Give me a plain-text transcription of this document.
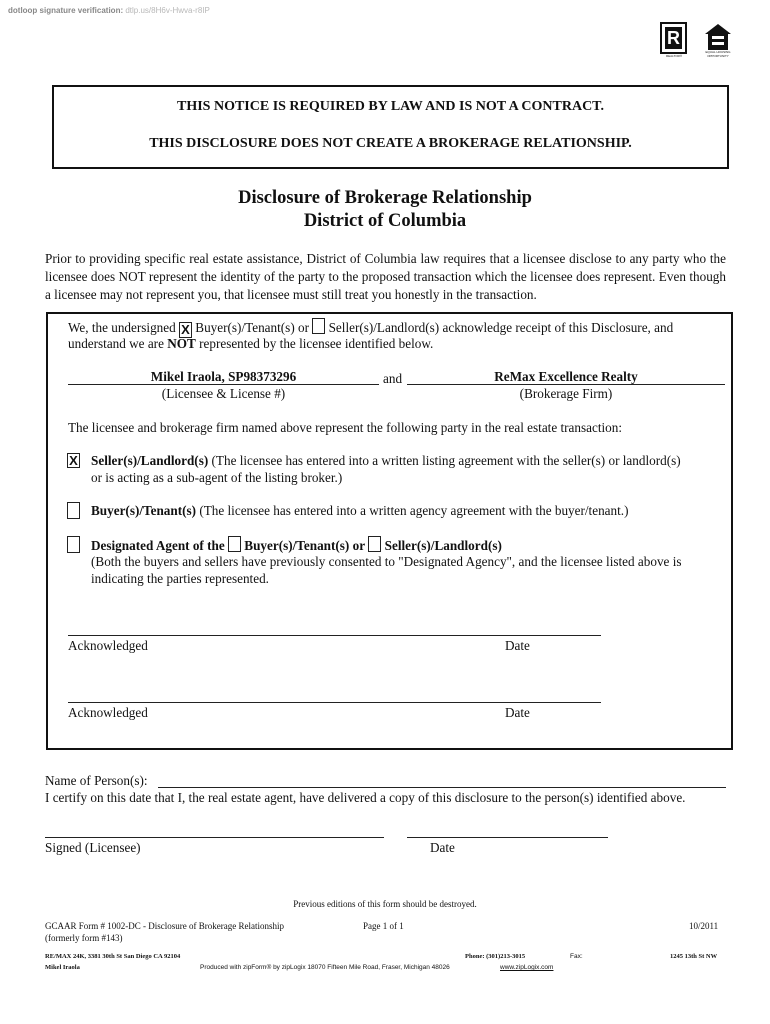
dotloop signature verification: dtlp.us/8H6v-Hwva-r8IP
R
REALTOR®
EQUAL HOUSING OPPORTUNITY
THIS NOTICE IS REQUIRED BY LAW AND IS NOT A CONTRACT.
THIS DISCLOSURE DOES NOT CREATE A BROKERAGE RELATIONSHIP.
Disclosure of Brokerage Relationship
District of Columbia
Prior to providing specific real estate assistance, District of Columbia law requires that a licensee disclose to any party who the licensee does NOT represent the identity of the party to the proposed transaction which the licensee does represent. Even though a licensee may not represent you, that licensee must still treat you honestly in the transaction.
We, the undersigned X Buyer(s)/Tenant(s) or Seller(s)/Landlord(s) acknowledge receipt of this Disclosure, and
understand we are NOT represented by the licensee identified below.
Mikel Iraola, SP98373296	and	ReMax Excellence Realty
(Licensee & License #)	(Brokerage Firm)
The licensee and brokerage firm named above represent the following party in the real estate transaction:
X Seller(s)/Landlord(s) (The licensee has entered into a written listing agreement with the seller(s) or landlord(s)
or is acting as a sub-agent of the listing broker.)
Buyer(s)/Tenant(s) (The licensee has entered into a written agency agreement with the buyer/tenant.)
Designated Agent of the Buyer(s)/Tenant(s) or Seller(s)/Landlord(s)
(Both the buyers and sellers have previously consented to "Designated Agency", and the licensee listed above is
indicating the parties represented.
Acknowledged	Date
Acknowledged	Date
Name of Person(s):
I certify on this date that I, the real estate agent, have delivered a copy of this disclosure to the person(s) identified above.
Signed (Licensee)	Date
Previous editions of this form should be destroyed.
GCAAR Form # 1002-DC - Disclosure of Brokerage Relationship
(formerly form #143)
Page 1 of 1	10/2011
RE/MAX 24K, 3381 30th St San Diego CA 92104
Mikel Iraola
Phone: (301)213-3015	Fax:	1245 13th St NW
Produced with zipForm® by zipLogix 18070 Fifteen Mile Road, Fraser, Michigan 48026	www.zipLogix.com
